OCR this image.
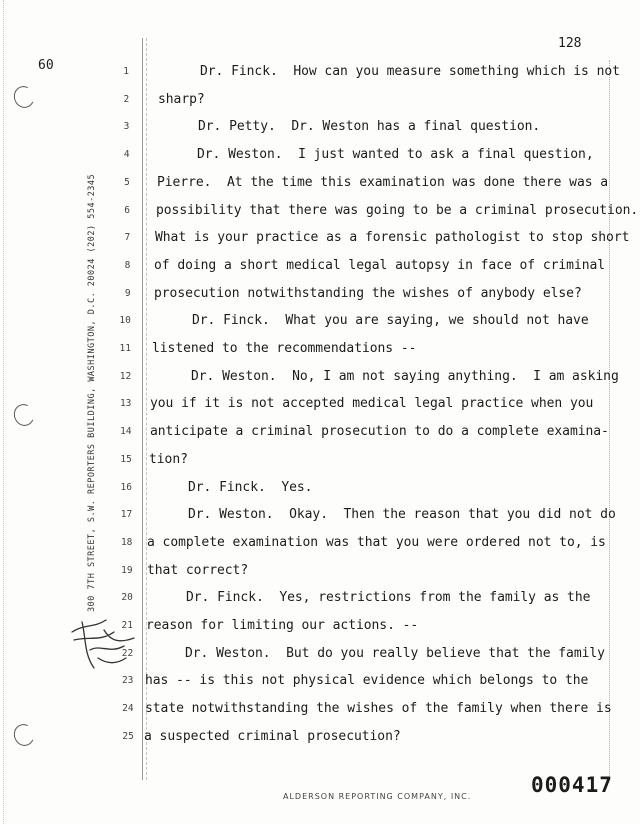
60
300 7TH STREET, S.W. REPORTERS BUILDING, WASHINGTON, D.C. 20024 (202) 554-2345
128
1	Dr. Finck.  How can you measure something which is not
2 sharp?
3	Dr. Petty.  Dr. Weston has a final question.
4	Dr. Weston.  I just wanted to ask a final question,
5 Pierre.  At the time this examination was done there was a
6 possibility that there was going to be a criminal prosecution.
7 What is your practice as a forensic pathologist to stop short
8 of doing a short medical legal autopsy in face of criminal
9 prosecution notwithstanding the wishes of anybody else?
10	Dr. Finck.  What you are saying, we should not have
11 listened to the recommendations --
12	Dr. Weston.  No, I am not saying anything.  I am asking
13 you if it is not accepted medical legal practice when you
14 anticipate a criminal prosecution to do a complete examina-
15 tion?
16	Dr. Finck.  Yes.
17	Dr. Weston.  Okay.  Then the reason that you did not do
18 a complete examination was that you were ordered not to, is
19 that correct?
20	Dr. Finck.  Yes, restrictions from the family as the
21 reason for limiting our actions. --
22	Dr. Weston.  But do you really believe that the family
23 has -- is this not physical evidence which belongs to the
24 state notwithstanding the wishes of the family when there is
25 a suspected criminal prosecution?
000417
ALDERSON REPORTING COMPANY, INC.
